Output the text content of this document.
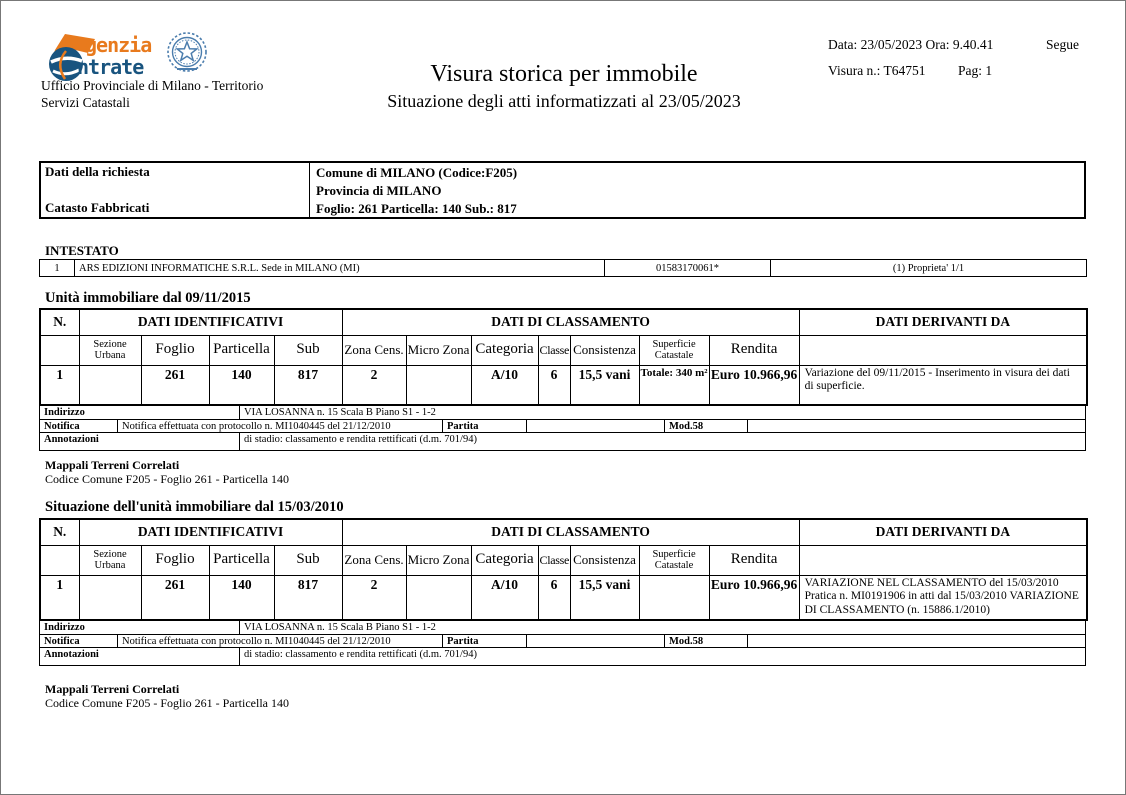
genzia
ntrate
Ufficio Provinciale di Milano - Territorio
Servizi Catastali
Visura storica per immobile
Situazione degli atti informatizzati al 23/05/2023
Data: 23/05/2023 Ora: 9.40.41	Segue
Visura n.: T64751 Pag: 1
Dati della richiesta
Catasto Fabbricati
Comune di MILANO (Codice:F205)
Provincia di MILANO
Foglio: 261 Particella: 140 Sub.: 817
INTESTATO
1	ARS EDIZIONI INFORMATICHE S.R.L. Sede in MILANO (MI)	01583170061*	(1) Proprieta' 1/1
Unità immobiliare dal 09/11/2015
N.	DATI IDENTIFICATIVI				DATI DI CLASSAMENTO							DATI DERIVANTI DA
	Sezione Urbana	Foglio	Particella	Sub	Zona Cens.	Micro Zona	Categoria	Classe	Consistenza	Superficie Catastale	Rendita	
1		261	140	817	2		A/10	6	15,5 vani	Totale: 340 m²	Euro 10.966,96	Variazione del 09/11/2015 - Inserimento in visura dei dati di superficie.
Indirizzo	VIA LOSANNA n. 15 Scala B Piano S1 - 1-2
Notifica	Notifica effettuata con protocollo n. MI1040445 del 21/12/2010	Partita	Mod.58
Annotazioni	di stadio: classamento e rendita rettificati (d.m. 701/94)
Mappali Terreni Correlati
Codice Comune F205 - Foglio 261 - Particella 140
Situazione dell'unità immobiliare dal 15/03/2010
N.	DATI IDENTIFICATIVI				DATI DI CLASSAMENTO							DATI DERIVANTI DA
	Sezione Urbana	Foglio	Particella	Sub	Zona Cens.	Micro Zona	Categoria	Classe	Consistenza	Superficie Catastale	Rendita	
1		261	140	817	2		A/10	6	15,5 vani		Euro 10.966,96	VARIAZIONE NEL CLASSAMENTO del 15/03/2010 Pratica n. MI0191906 in atti dal 15/03/2010 VARIAZIONE DI CLASSAMENTO (n. 15886.1/2010)
Indirizzo	VIA LOSANNA n. 15 Scala B Piano S1 - 1-2
Notifica	Notifica effettuata con protocollo n. MI1040445 del 21/12/2010	Partita	Mod.58
Annotazioni	di stadio: classamento e rendita rettificati (d.m. 701/94)
Mappali Terreni Correlati
Codice Comune F205 - Foglio 261 - Particella 140
